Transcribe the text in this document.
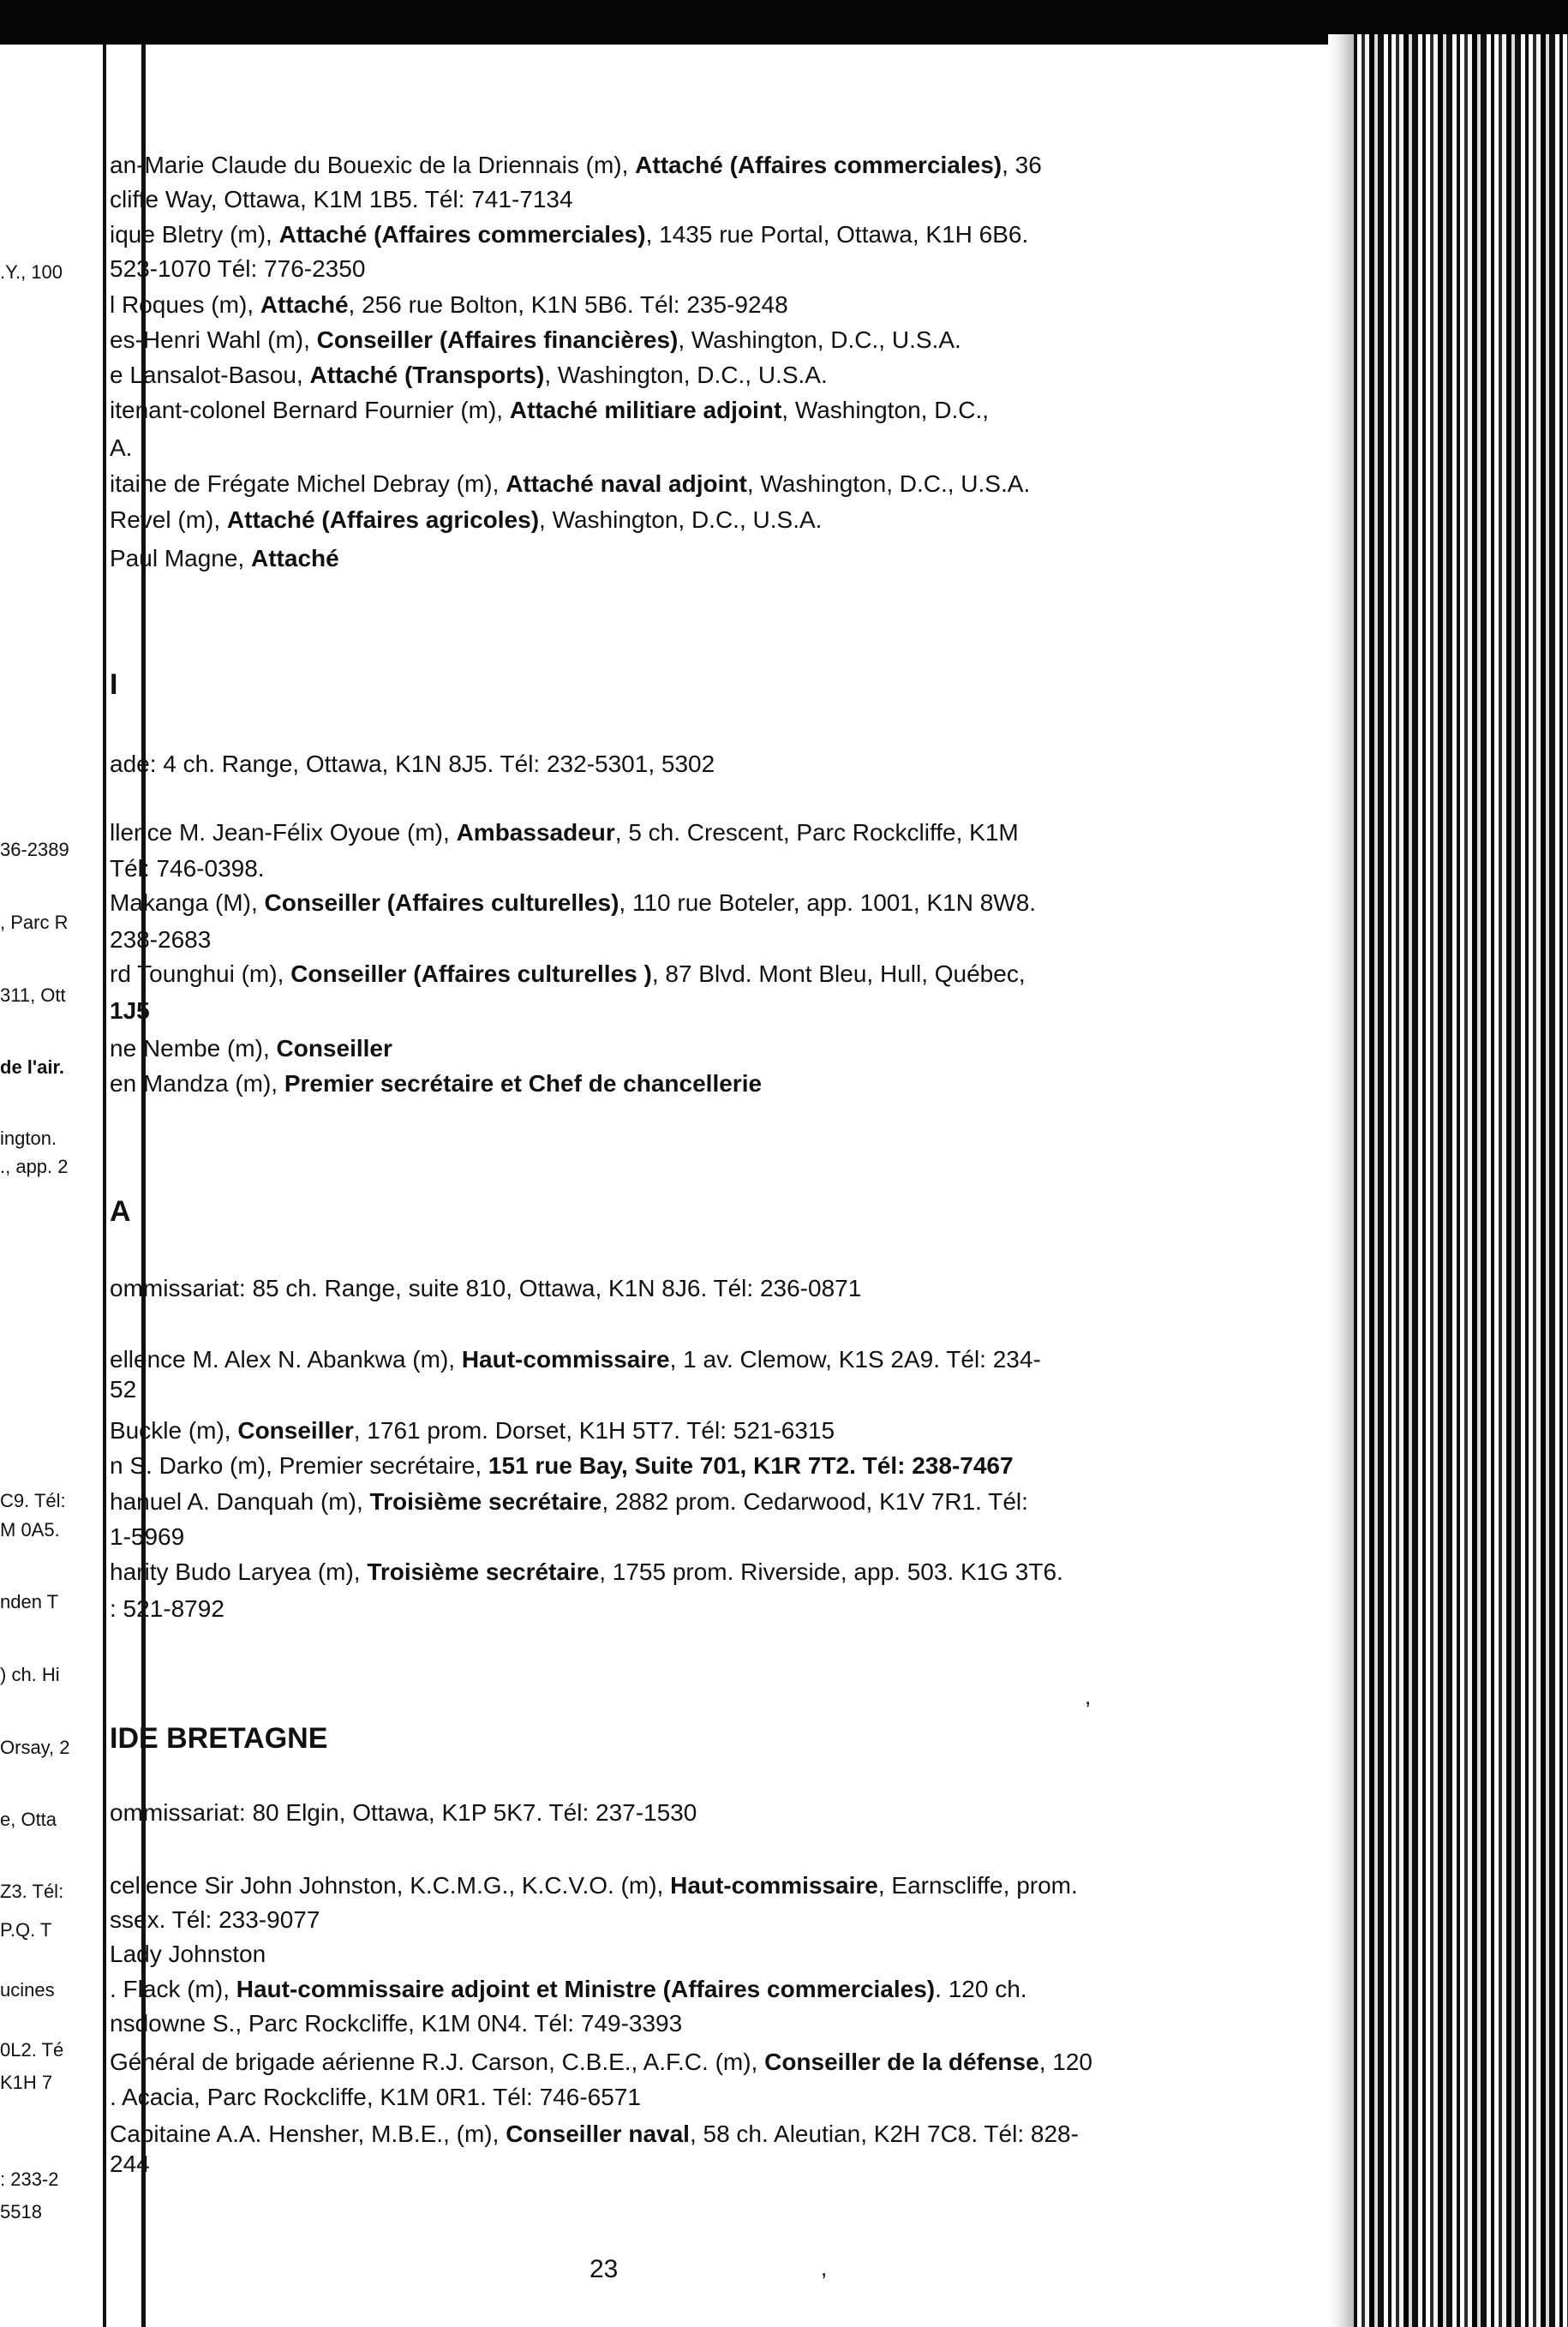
.Y., 100
36-2389
, Parc R
311, Ott
de l'air.
ington.
., app. 2
C9. Tél:
M 0A5.
nden T
) ch. Hi
Orsay, 2
e, Otta
Z3. Tél:
P.Q. T
ucines
0L2. Té
K1H 7
: 233-2
5518
an-Marie Claude du Bouexic de la Driennais (m), Attaché (Affaires commerciales), 36
cliffe Way, Ottawa, K1M 1B5. Tél: 741-7134
ique Bletry (m), Attaché (Affaires commerciales), 1435 rue Portal, Ottawa, K1H 6B6.
523-1070 Tél: 776-2350
l Roques (m), Attaché, 256 rue Bolton, K1N 5B6. Tél: 235-9248
es-Henri Wahl (m), Conseiller (Affaires financières), Washington, D.C., U.S.A.
e Lansalot-Basou, Attaché (Transports), Washington, D.C., U.S.A.
itenant-colonel Bernard Fournier (m), Attaché militiare adjoint, Washington, D.C.,
A.
itaine de Frégate Michel Debray (m), Attaché naval adjoint, Washington, D.C., U.S.A.
Revel (m), Attaché (Affaires agricoles), Washington, D.C., U.S.A.
Paul Magne, Attaché
I
ade: 4 ch. Range, Ottawa, K1N 8J5. Tél: 232-5301, 5302
llence M. Jean-Félix Oyoue (m), Ambassadeur, 5 ch. Crescent, Parc Rockcliffe, K1M
Tél: 746-0398.
Makanga (M), Conseiller (Affaires culturelles), 110 rue Boteler, app. 1001, K1N 8W8.
238-2683
rd Tounghui (m), Conseiller (Affaires culturelles ), 87 Blvd. Mont Bleu, Hull, Québec,
1J5
ne Nembe (m), Conseiller
en Mandza (m), Premier secrétaire et Chef de chancellerie
A
ommissariat: 85 ch. Range, suite 810, Ottawa, K1N 8J6. Tél: 236-0871
ellence M. Alex N. Abankwa (m), Haut-commissaire, 1 av. Clemow, K1S 2A9. Tél: 234-
52
Buckle (m), Conseiller, 1761 prom. Dorset, K1H 5T7. Tél: 521-6315
n S. Darko (m), Premier secrétaire, 151 rue Bay, Suite 701, K1R 7T2. Tél: 238-7467
hanuel A. Danquah (m), Troisième secrétaire, 2882 prom. Cedarwood, K1V 7R1. Tél:
1-5969
harity Budo Laryea (m), Troisième secrétaire, 1755 prom. Riverside, app. 503. K1G 3T6.
: 521-8792
IDE BRETAGNE
ommissariat: 80 Elgin, Ottawa, K1P 5K7. Tél: 237-1530
cellence Sir John Johnston, K.C.M.G., K.C.V.O. (m), Haut-commissaire, Earnscliffe, prom.
ssex. Tél: 233-9077
Lady Johnston
. Flack (m), Haut-commissaire adjoint et Ministre (Affaires commerciales). 120 ch.
nsdowne S., Parc Rockcliffe, K1M 0N4. Tél: 749-3393
Général de brigade aérienne R.J. Carson, C.B.E., A.F.C. (m), Conseiller de la défense, 120
. Acacia, Parc Rockcliffe, K1M 0R1. Tél: 746-6571
Capitaine A.A. Hensher, M.B.E., (m), Conseiller naval, 58 ch. Aleutian, K2H 7C8. Tél: 828-
244
,
,
23
